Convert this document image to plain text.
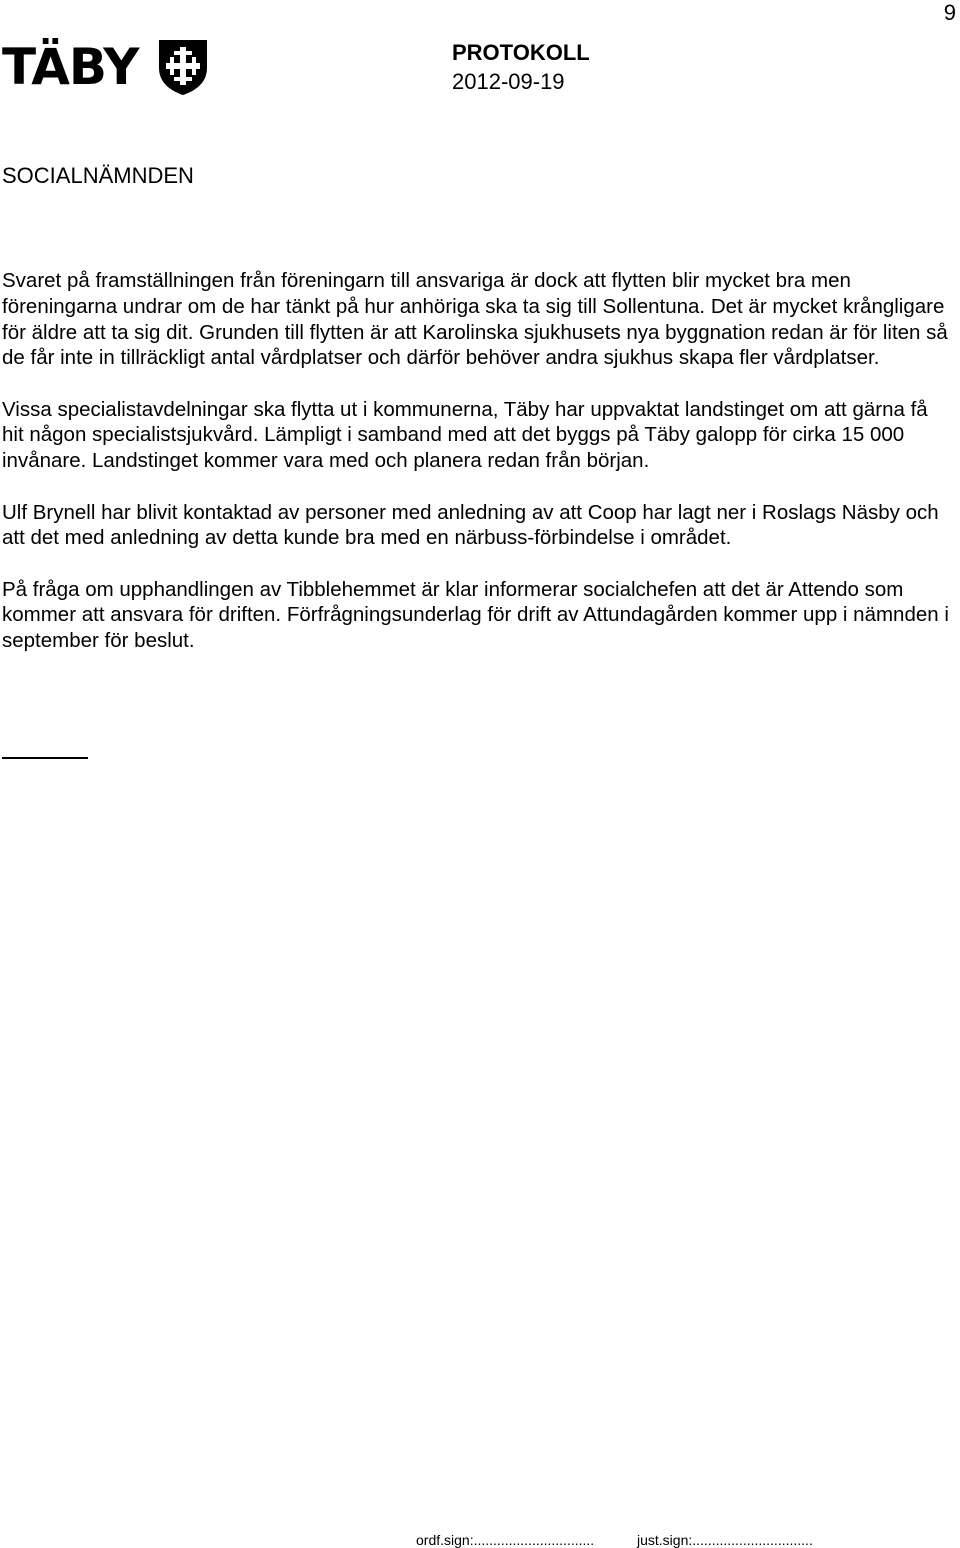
9
TÄBY	PROTOKOLL
2012-09-19
SOCIALNÄMNDEN

Svaret på framställningen från föreningarn till ansvariga är dock att flytten blir mycket bra men föreningarna undrar om de har tänkt på hur anhöriga ska ta sig till Sollentuna. Det är mycket krångligare för äldre att ta sig dit. Grunden till flytten är att Karolinska sjukhusets nya byggnation redan är för liten så de får inte in tillräckligt antal vårdplatser och därför behöver andra sjukhus skapa fler vårdplatser.

Vissa specialistavdelningar ska flytta ut i kommunerna, Täby har uppvaktat landstinget om att gärna få hit någon specialistsjukvård. Lämpligt i samband med att det byggs på Täby galopp för cirka 15 000 invånare. Landstinget kommer vara med och planera redan från början.

Ulf Brynell har blivit kontaktad av personer med anledning av att Coop har lagt ner i Roslags Näsby och att det med anledning av detta kunde bra med en närbuss-förbindelse i området.

På fråga om upphandlingen av Tibblehemmet är klar informerar socialchefen att det är Attendo som kommer att ansvara för driften. Förfrågningsunderlag för drift av Attundagården kommer upp i nämnden i september för beslut.

ordf.sign:...............................	just.sign:...............................
